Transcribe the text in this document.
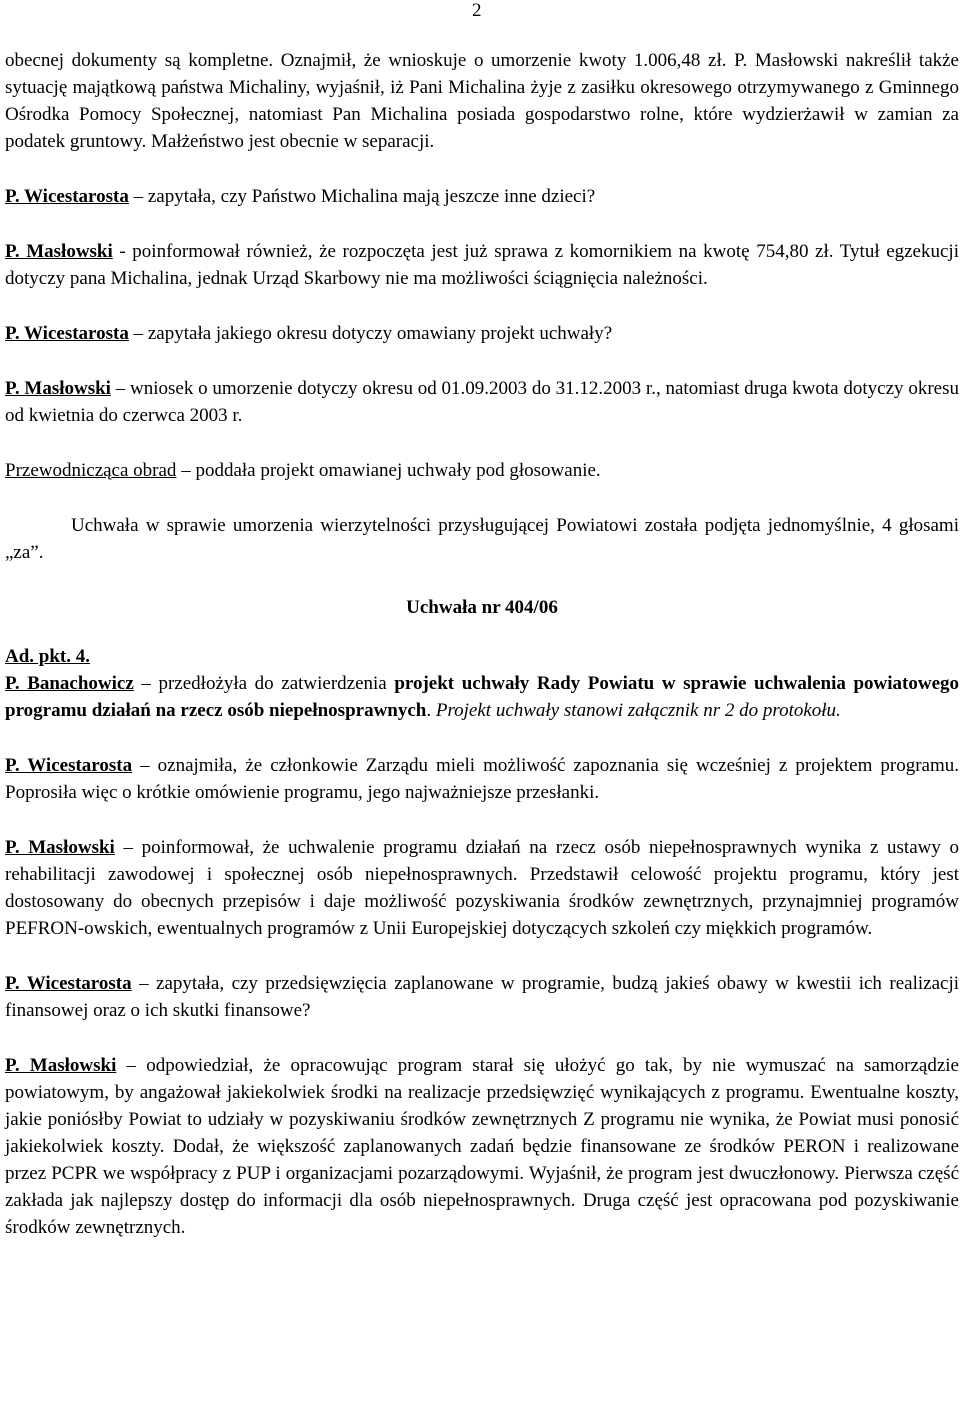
2

obecnej dokumenty są kompletne. Oznajmił, że wnioskuje o umorzenie kwoty 1.006,48 zł. P. Masłowski nakreślił także sytuację majątkową państwa Michaliny, wyjaśnił, iż Pani Michalina żyje z zasiłku okresowego otrzymywanego z Gminnego Ośrodka Pomocy Społecznej, natomiast Pan Michalina posiada gospodarstwo rolne, które wydzierżawił w zamian za podatek gruntowy. Małżeństwo jest obecnie w separacji.

P. Wicestarosta – zapytała, czy Państwo Michalina mają jeszcze inne dzieci?

P. Masłowski - poinformował również, że rozpoczęta jest już sprawa z komornikiem na kwotę 754,80 zł. Tytuł egzekucji dotyczy pana Michalina, jednak Urząd Skarbowy nie ma możliwości ściągnięcia należności.

P. Wicestarosta – zapytała jakiego okresu dotyczy omawiany projekt uchwały?

P. Masłowski – wniosek o umorzenie dotyczy okresu od 01.09.2003 do 31.12.2003 r., natomiast druga kwota dotyczy okresu od kwietnia do czerwca 2003 r.

Przewodnicząca obrad – poddała projekt omawianej uchwały pod głosowanie.

Uchwała w sprawie umorzenia wierzytelności przysługującej Powiatowi została podjęta jednomyślnie, 4 głosami „za”.

Uchwała nr 404/06

Ad. pkt. 4.

P. Banachowicz – przedłożyła do zatwierdzenia projekt uchwały Rady Powiatu w sprawie uchwalenia powiatowego programu działań na rzecz osób niepełnosprawnych. Projekt uchwały stanowi załącznik nr 2 do protokołu.

P. Wicestarosta – oznajmiła, że członkowie Zarządu mieli możliwość zapoznania się wcześniej z projektem programu. Poprosiła więc o krótkie omówienie programu, jego najważniejsze przesłanki.

P. Masłowski – poinformował, że uchwalenie programu działań na rzecz osób niepełnosprawnych wynika z ustawy o rehabilitacji zawodowej i społecznej osób niepełnosprawnych. Przedstawił celowość projektu programu, który jest dostosowany do obecnych przepisów i daje możliwość pozyskiwania środków zewnętrznych, przynajmniej programów PEFRON-owskich, ewentualnych programów z Unii Europejskiej dotyczących szkoleń czy miękkich programów.

P. Wicestarosta – zapytała, czy przedsięwzięcia zaplanowane w programie, budzą jakieś obawy w kwestii ich realizacji finansowej oraz o ich skutki finansowe?

P. Masłowski – odpowiedział, że opracowując program starał się ułożyć go tak, by nie wymuszać na samorządzie powiatowym, by angażował jakiekolwiek środki na realizacje przedsięwzięć wynikających z programu. Ewentualne koszty, jakie poniósłby Powiat to udziały w pozyskiwaniu środków zewnętrznych Z programu nie wynika, że Powiat musi ponosić jakiekolwiek koszty. Dodał, że większość zaplanowanych zadań będzie finansowane ze środków PERON i realizowane przez PCPR we współpracy z PUP i organizacjami pozarządowymi. Wyjaśnił, że program jest dwuczłonowy. Pierwsza część zakłada jak najlepszy dostęp do informacji dla osób niepełnosprawnych. Druga część jest opracowana pod pozyskiwanie środków zewnętrznych.
